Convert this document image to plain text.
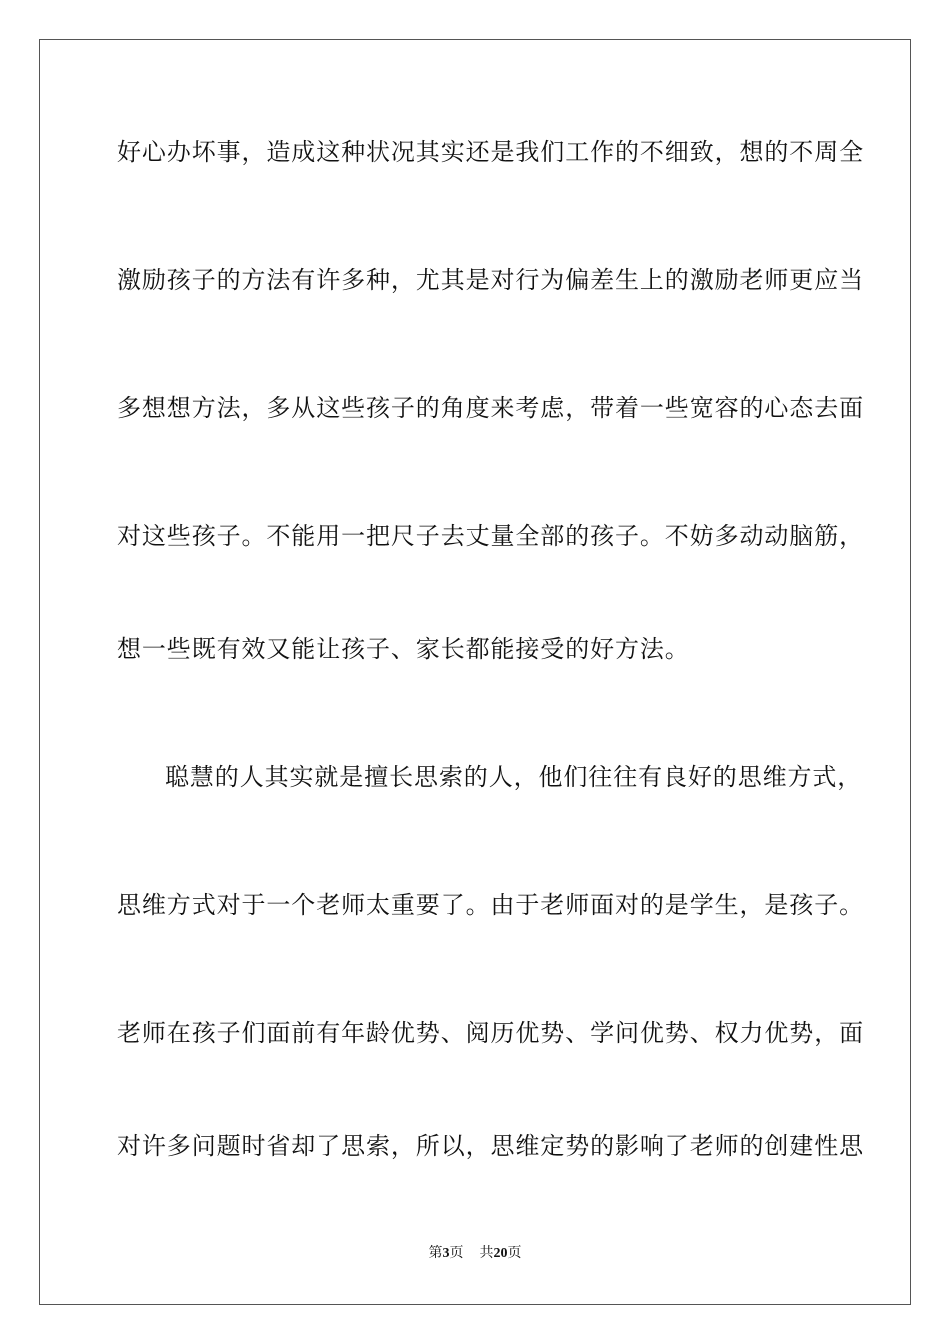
好心办坏事，造成这种状况其实还是我们工作的不细致，想的不周全
激励孩子的方法有许多种，尤其是对行为偏差生上的激励老师更应当
多想想方法，多从这些孩子的角度来考虑，带着一些宽容的心态去面
对这些孩子。不能用一把尺子去丈量全部的孩子。不妨多动动脑筋，
想一些既有效又能让孩子、家长都能接受的好方法。
聪慧的人其实就是擅长思索的人，他们往往有良好的思维方式，
思维方式对于一个老师太重要了。由于老师面对的是学生，是孩子。
老师在孩子们面前有年龄优势、阅历优势、学问优势、权力优势，面
对许多问题时省却了思索，所以，思维定势的影响了老师的创建性思
第3页 共20页
